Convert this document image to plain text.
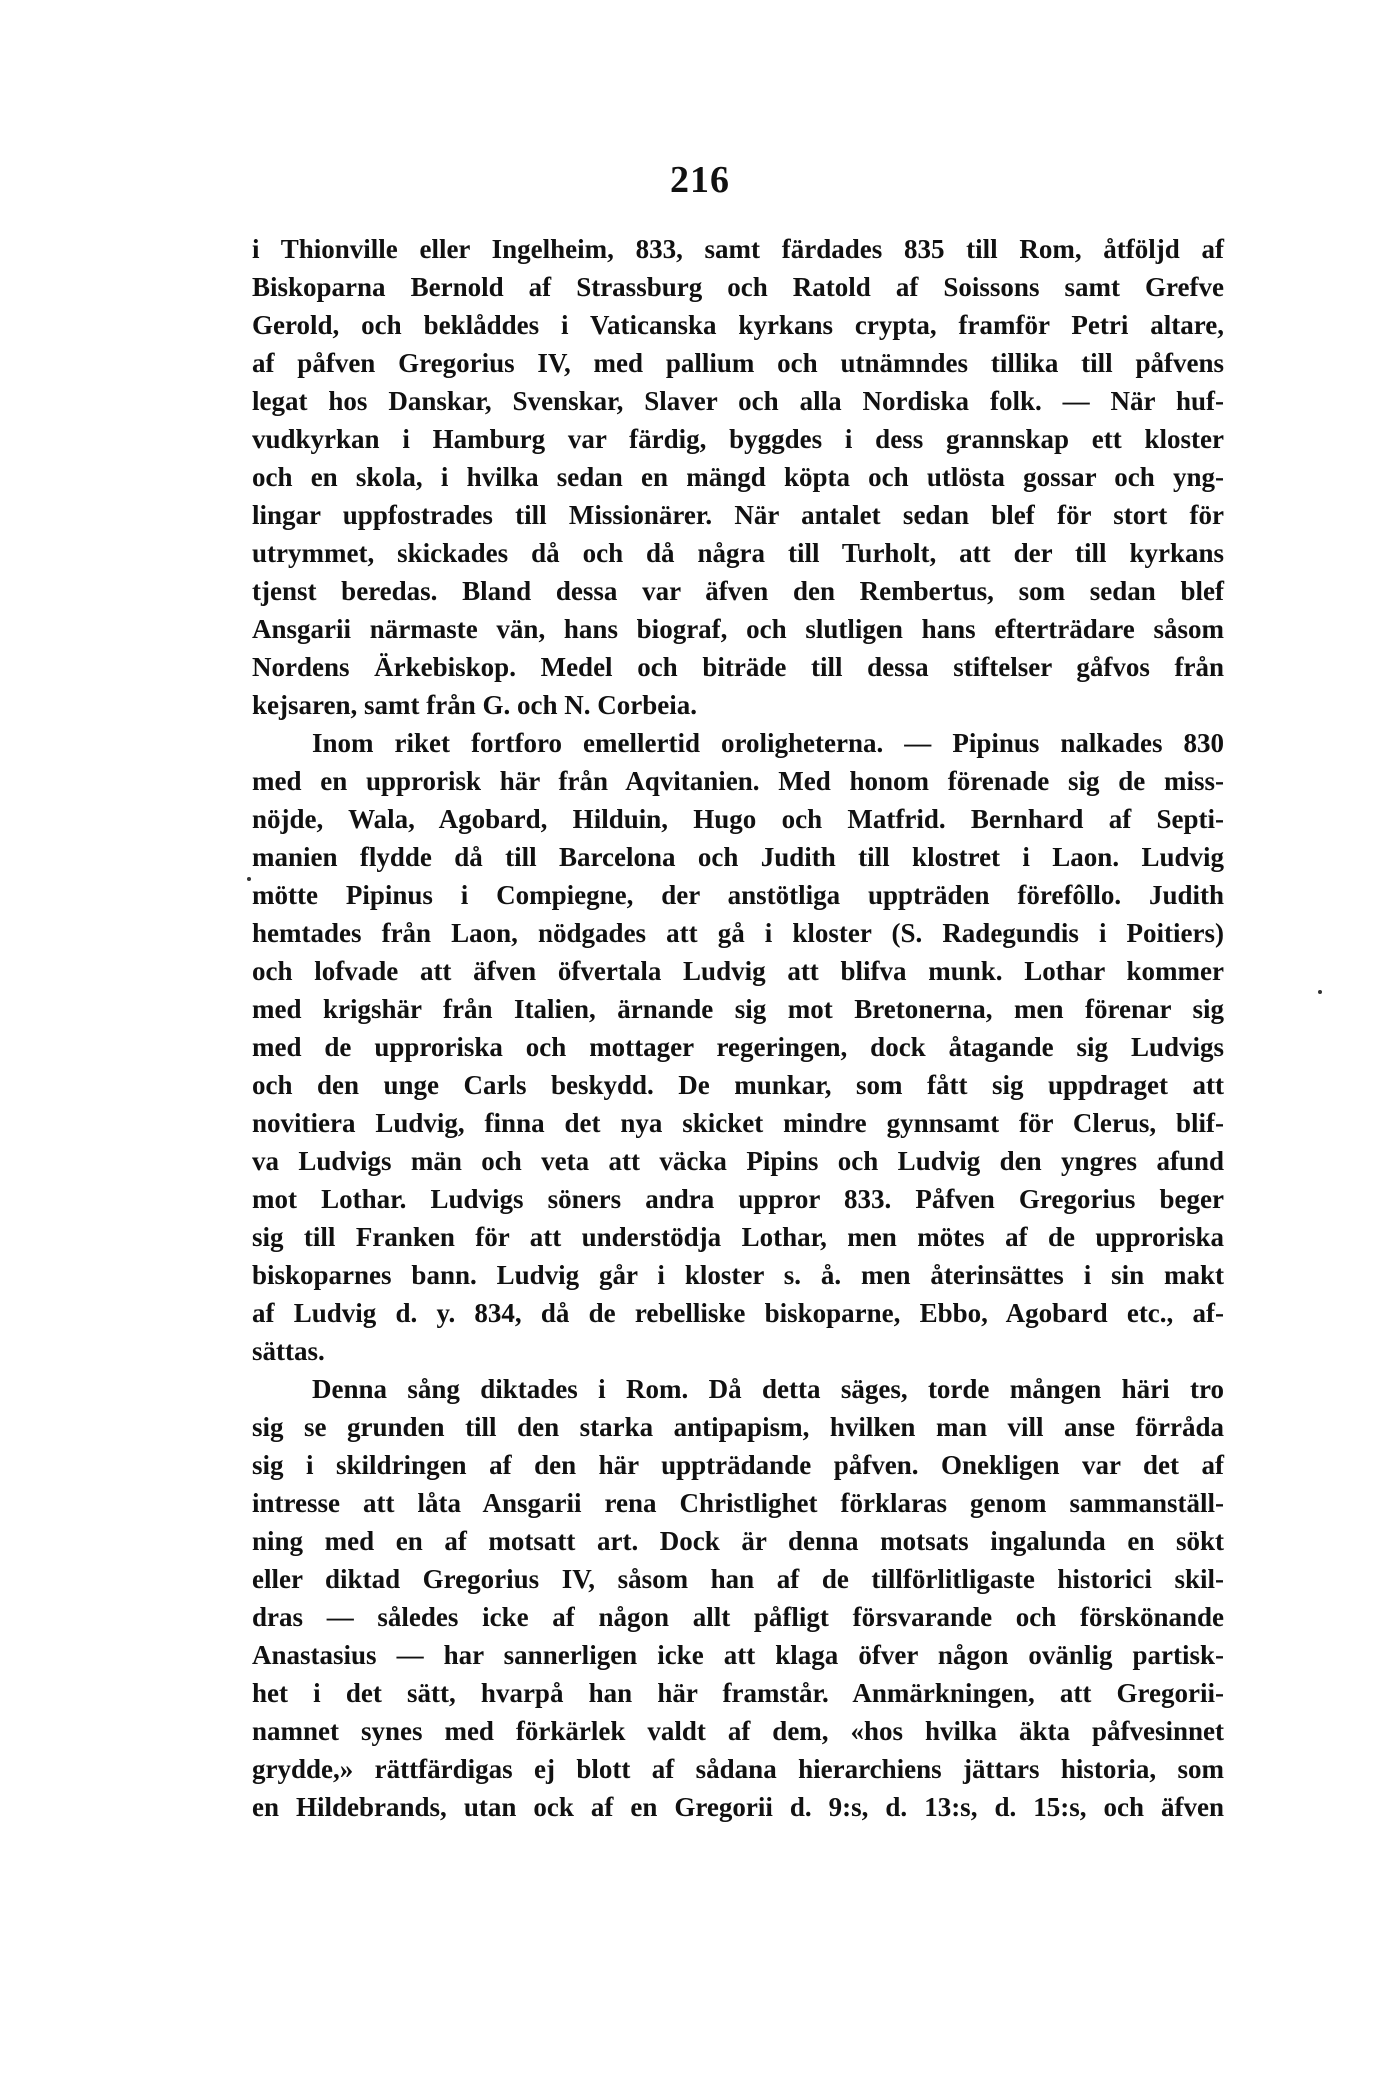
216
i Thionville eller Ingelheim, 833, samt färdades 835 till Rom, åtföljd af
Biskoparna Bernold af Strassburg och Ratold af Soissons samt Grefve
Gerold, och beklåddes i Vaticanska kyrkans crypta, framför Petri altare,
af påfven Gregorius IV, med pallium och utnämndes tillika till påfvens
legat hos Danskar, Svenskar, Slaver och alla Nordiska folk. — När huf-
vudkyrkan i Hamburg var färdig, byggdes i dess grannskap ett kloster
och en skola, i hvilka sedan en mängd köpta och utlösta gossar och yng-
lingar uppfostrades till Missionärer. När antalet sedan blef för stort för
utrymmet, skickades då och då några till Turholt, att der till kyrkans
tjenst beredas. Bland dessa var äfven den Rembertus, som sedan blef
Ansgarii närmaste vän, hans biograf, och slutligen hans efterträdare såsom
Nordens Ärkebiskop. Medel och biträde till dessa stiftelser gåfvos från
kejsaren, samt från G. och N. Corbeia.
Inom riket fortforo emellertid oroligheterna. — Pipinus nalkades 830
med en upprorisk här från Aqvitanien. Med honom förenade sig de miss-
nöjde, Wala, Agobard, Hilduin, Hugo och Matfrid. Bernhard af Septi-
manien flydde då till Barcelona och Judith till klostret i Laon. Ludvig
mötte Pipinus i Compiegne, der anstötliga uppträden förefôllo. Judith
hemtades från Laon, nödgades att gå i kloster (S. Radegundis i Poitiers)
och lofvade att äfven öfvertala Ludvig att blifva munk. Lothar kommer
med krigshär från Italien, ärnande sig mot Bretonerna, men förenar sig
med de upproriska och mottager regeringen, dock åtagande sig Ludvigs
och den unge Carls beskydd. De munkar, som fått sig uppdraget att
novitiera Ludvig, finna det nya skicket mindre gynnsamt för Clerus, blif-
va Ludvigs män och veta att väcka Pipins och Ludvig den yngres afund
mot Lothar. Ludvigs söners andra uppror 833. Påfven Gregorius beger
sig till Franken för att understödja Lothar, men mötes af de upproriska
biskoparnes bann. Ludvig går i kloster s. å. men återinsättes i sin makt
af Ludvig d. y. 834, då de rebelliske biskoparne, Ebbo, Agobard etc., af-
sättas.
Denna sång diktades i Rom. Då detta säges, torde mången häri tro
sig se grunden till den starka antipapism, hvilken man vill anse förråda
sig i skildringen af den här uppträdande påfven. Onekligen var det af
intresse att låta Ansgarii rena Christlighet förklaras genom sammanställ-
ning med en af motsatt art. Dock är denna motsats ingalunda en sökt
eller diktad Gregorius IV, såsom han af de tillförlitligaste historici skil-
dras — således icke af någon allt påfligt försvarande och förskönande
Anastasius — har sannerligen icke att klaga öfver någon ovänlig partisk-
het i det sätt, hvarpå han här framstår. Anmärkningen, att Gregorii-
namnet synes med förkärlek valdt af dem, «hos hvilka äkta påfvesinnet
grydde,» rättfärdigas ej blott af sådana hierarchiens jättars historia, som
en Hildebrands, utan ock af en Gregorii d. 9:s, d. 13:s, d. 15:s, och äfven
